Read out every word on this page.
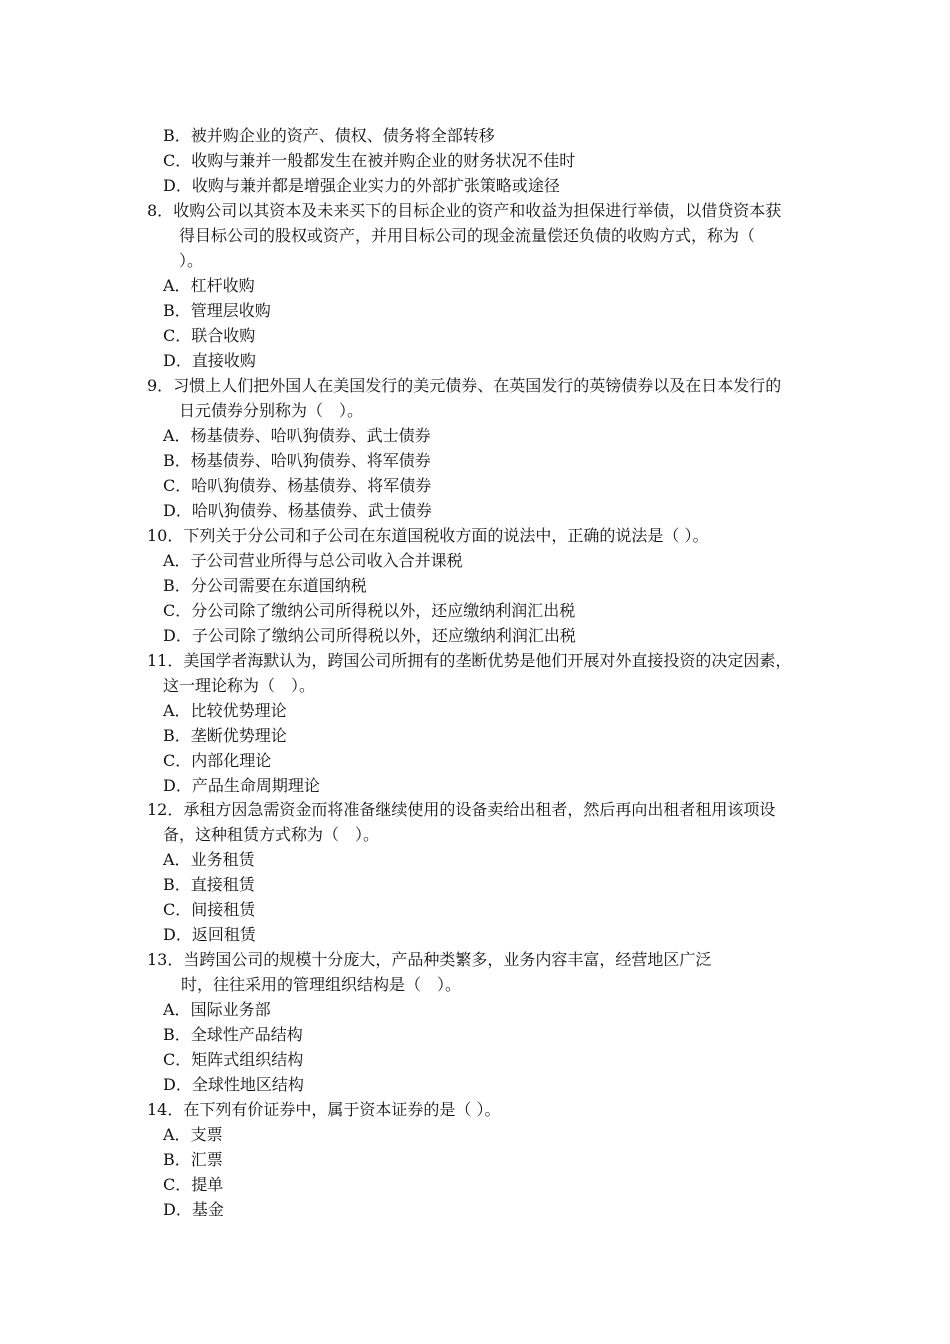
B．被并购企业的资产、债权、债务将全部转移
C．收购与兼并一般都发生在被并购企业的财务状况不佳时
D．收购与兼并都是增强企业实力的外部扩张策略或途径
8．收购公司以其资本及未来买下的目标企业的资产和收益为担保进行举债，以借贷资本获
得目标公司的股权或资产，并用目标公司的现金流量偿还负债的收购方式，称为（
）。
A．杠杆收购
B．管理层收购
C．联合收购
D．直接收购
9．习惯上人们把外国人在美国发行的美元债券、在英国发行的英镑债券以及在日本发行的
日元债券分别称为（　）。
A．杨基债券、哈叭狗债券、武士债券
B．杨基债券、哈叭狗债券、将军债券
C．哈叭狗债券、杨基债券、将军债券
D．哈叭狗债券、杨基债券、武士债券
10．下列关于分公司和子公司在东道国税收方面的说法中，正确的说法是（ ）。
A．子公司营业所得与总公司收入合并课税
B．分公司需要在东道国纳税
C．分公司除了缴纳公司所得税以外，还应缴纳利润汇出税
D．子公司除了缴纳公司所得税以外，还应缴纳利润汇出税
11．美国学者海默认为，跨国公司所拥有的垄断优势是他们开展对外直接投资的决定因素，
这一理论称为（　）。
A．比较优势理论
B．垄断优势理论
C．内部化理论
D．产品生命周期理论
12．承租方因急需资金而将准备继续使用的设备卖给出租者，然后再向出租者租用该项设
备，这种租赁方式称为（　）。
A．业务租赁
B．直接租赁
C．间接租赁
D．返回租赁
13．当跨国公司的规模十分庞大，产品种类繁多，业务内容丰富，经营地区广泛
时，往往采用的管理组织结构是（　）。
A．国际业务部
B．全球性产品结构
C．矩阵式组织结构
D．全球性地区结构
14．在下列有价证券中，属于资本证券的是（ ）。
A．支票
B．汇票
C．提单
D．基金
